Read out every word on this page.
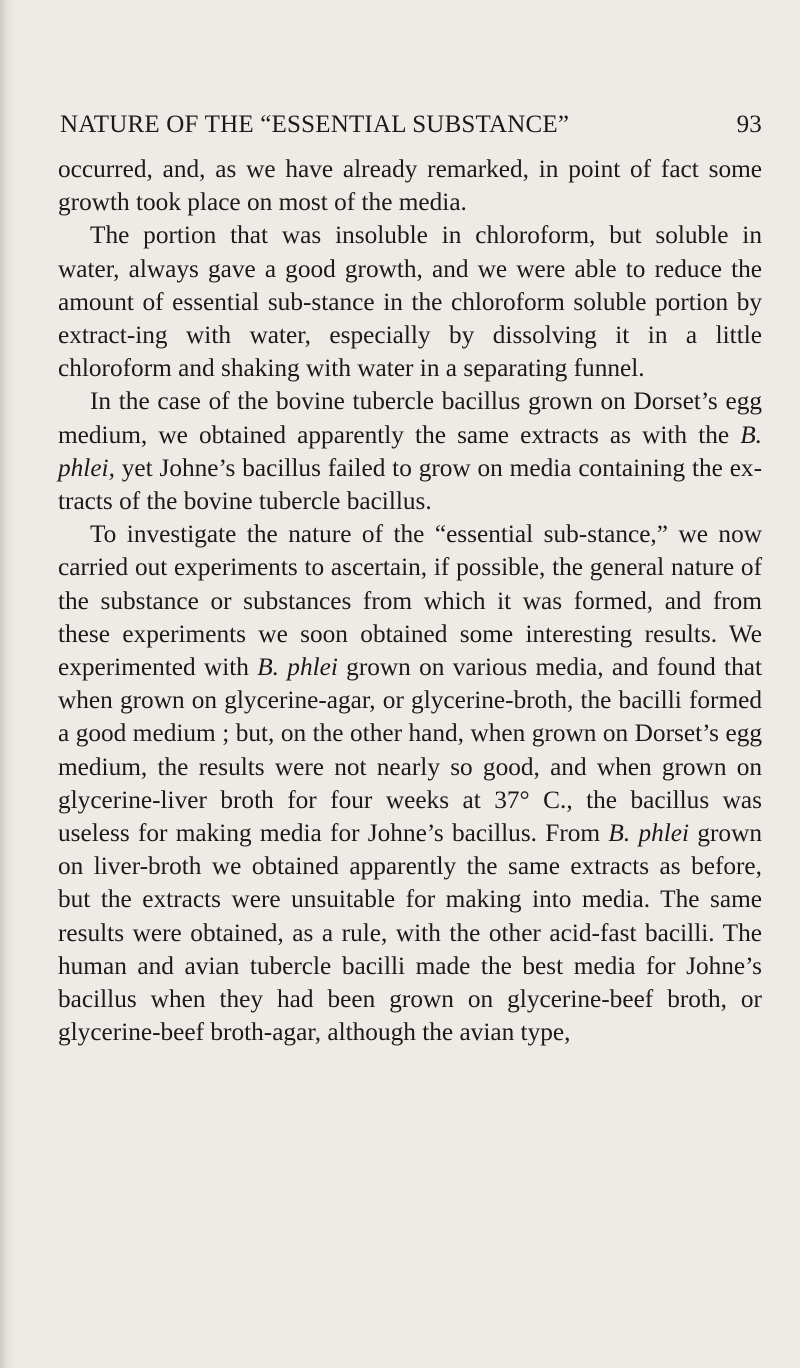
NATURE OF THE “ESSENTIAL SUBSTANCE”	93

occurred, and, as we have already remarked, in point of fact some growth took place on most of the media.

The portion that was insoluble in chloroform, but soluble in water, always gave a good growth, and we were able to reduce the amount of essential sub-stance in the chloroform soluble portion by extract-ing with water, especially by dissolving it in a little chloroform and shaking with water in a separating funnel.

In the case of the bovine tubercle bacillus grown on Dorset’s egg medium, we obtained apparently the same extracts as with the B. phlei, yet Johne’s bacillus failed to grow on media containing the ex-tracts of the bovine tubercle bacillus.

To investigate the nature of the “essential sub-stance,” we now carried out experiments to ascertain, if possible, the general nature of the substance or substances from which it was formed, and from these experiments we soon obtained some interesting results. We experimented with B. phlei grown on various media, and found that when grown on glycerine-agar, or glycerine-broth, the bacilli formed a good medium ; but, on the other hand, when grown on Dorset’s egg medium, the results were not nearly so good, and when grown on glycerine-liver broth for four weeks at 37° C., the bacillus was useless for making media for Johne’s bacillus. From B. phlei grown on liver-broth we obtained apparently the same extracts as before, but the extracts were unsuitable for making into media. The same results were obtained, as a rule, with the other acid-fast bacilli. The human and avian tubercle bacilli made the best media for Johne’s bacillus when they had been grown on glycerine-beef broth, or glycerine-beef broth-agar, although the avian type,
